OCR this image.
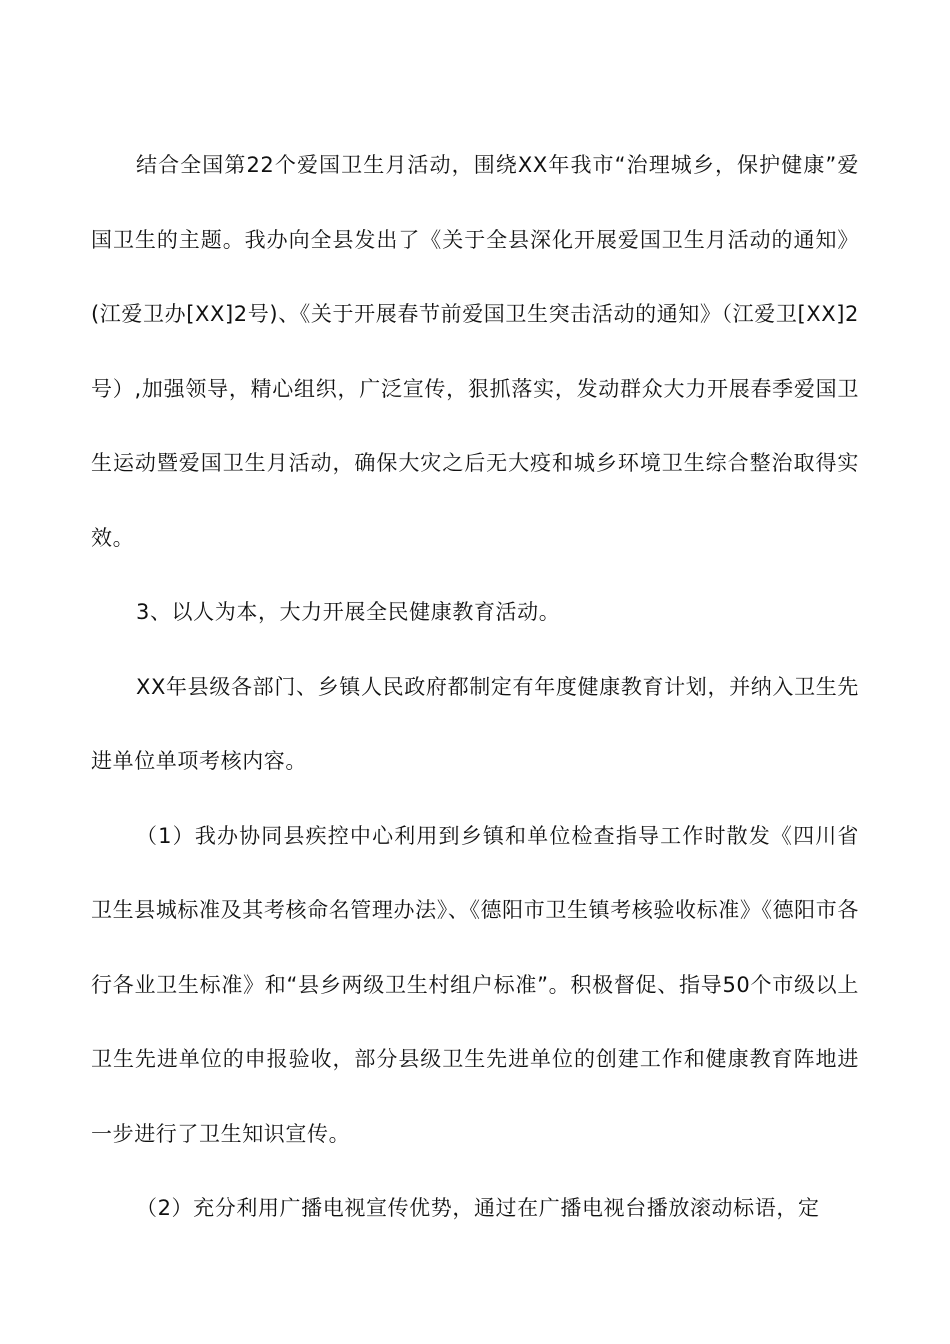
结合全国第22个爱国卫生月活动，围绕XX年我市“治理城乡，保护健康”爱国卫生的主题。我办向全县发出了《关于全县深化开展爱国卫生月活动的通知》(江爱卫办[XX]2号)、《关于开展春节前爱国卫生突击活动的通知》（江爱卫[XX]2号）,加强领导，精心组织，广泛宣传，狠抓落实，发动群众大力开展春季爱国卫生运动暨爱国卫生月活动，确保大灾之后无大疫和城乡环境卫生综合整治取得实效。

3、以人为本，大力开展全民健康教育活动。

XX年县级各部门、乡镇人民政府都制定有年度健康教育计划，并纳入卫生先进单位单项考核内容。

（1）我办协同县疾控中心利用到乡镇和单位检查指导工作时散发《四川省卫生县城标准及其考核命名管理办法》、《德阳市卫生镇考核验收标准》《德阳市各行各业卫生标准》和“县乡两级卫生村组户标准”。积极督促、指导50个市级以上卫生先进单位的申报验收，部分县级卫生先进单位的创建工作和健康教育阵地进一步进行了卫生知识宣传。

（2）充分利用广播电视宣传优势，通过在广播电视台播放滚动标语，定
